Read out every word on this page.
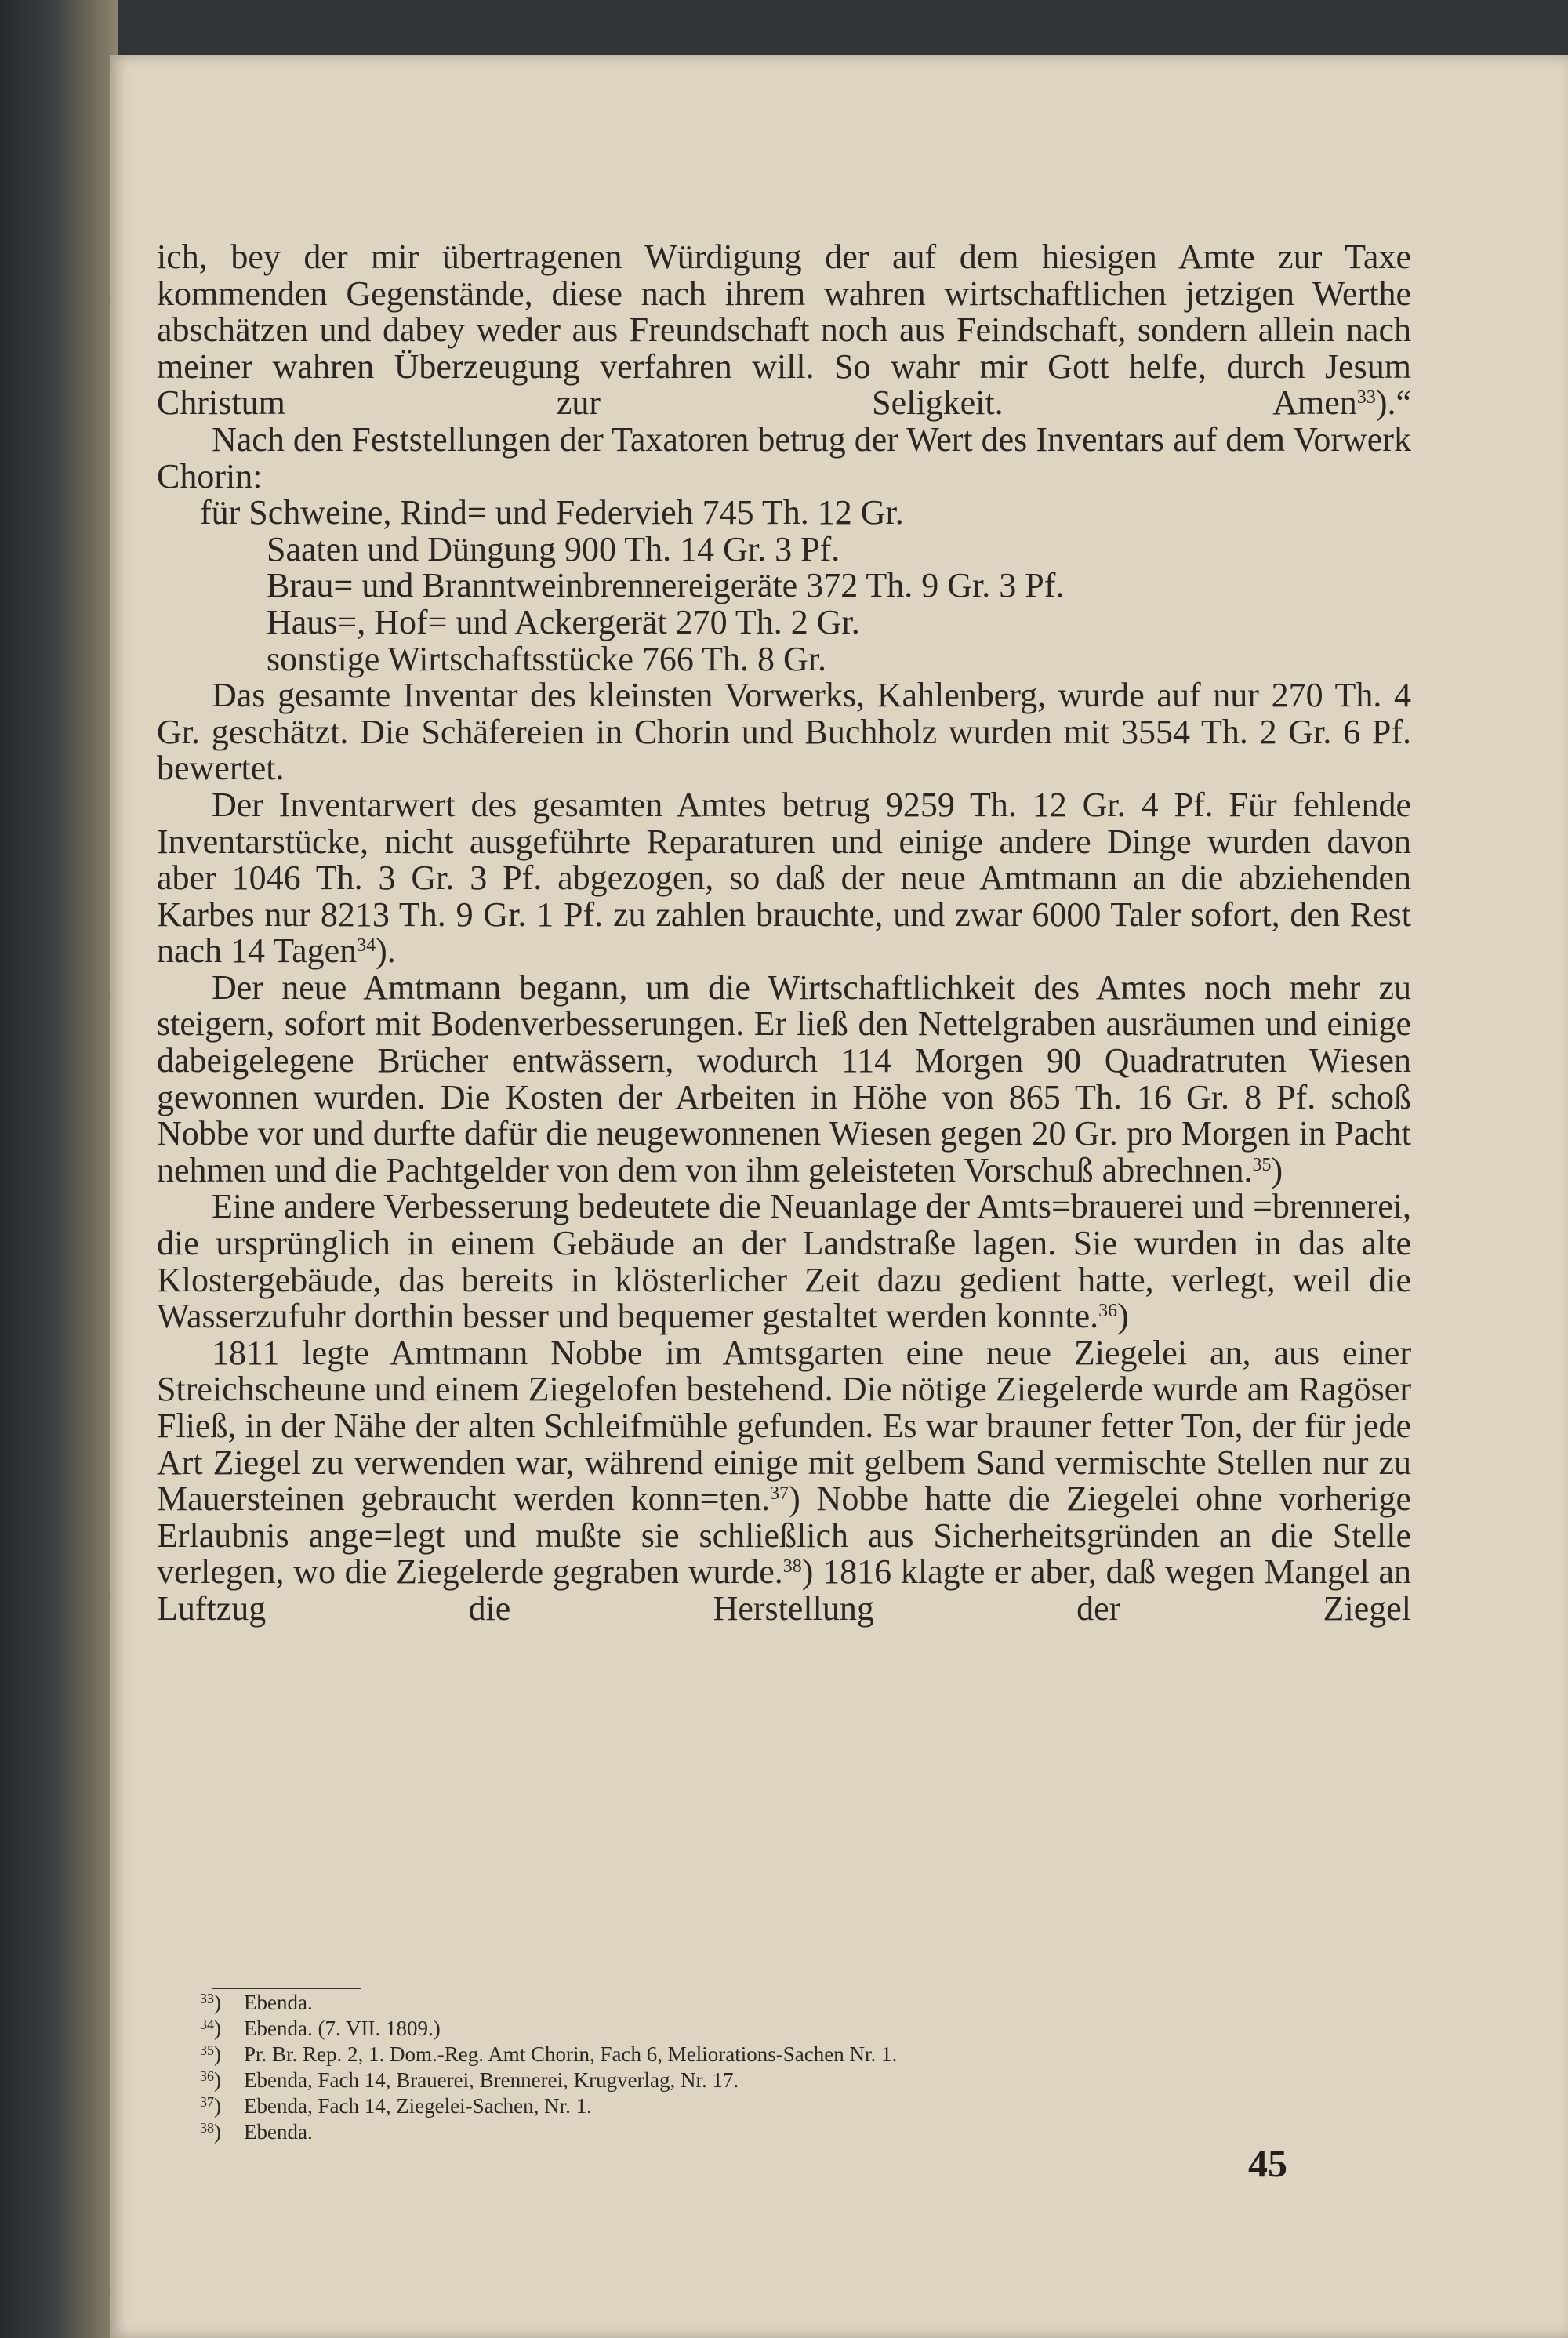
ich, bey der mir übertragenen Würdigung der auf dem hiesigen Amte zur Taxe kommenden Gegenstände, diese nach ihrem wahren wirtschaftlichen jetzigen Werthe abschätzen und dabey weder aus Freundschaft noch aus Feindschaft, sondern allein nach meiner wahren Überzeugung verfahren will. So wahr mir Gott helfe, durch Jesum Christum zur Seligkeit. Amen$^{33}$).“

Nach den Feststellungen der Taxatoren betrug der Wert des Inventars auf dem Vorwerk Chorin:

für Schweine, Rind= und Federvieh 745 Th. 12 Gr.

Saaten und Düngung 900 Th. 14 Gr. 3 Pf.

Brau= und Branntweinbrennereigeräte 372 Th. 9 Gr. 3 Pf.

Haus=, Hof= und Ackergerät 270 Th. 2 Gr.

sonstige Wirtschaftsstücke 766 Th. 8 Gr.

Das gesamte Inventar des kleinsten Vorwerks, Kahlenberg, wurde auf nur 270 Th. 4 Gr. geschätzt. Die Schäfereien in Chorin und Buchholz wurden mit 3554 Th. 2 Gr. 6 Pf. bewertet.

Der Inventarwert des gesamten Amtes betrug 9259 Th. 12 Gr. 4 Pf. Für fehlende Inventarstücke, nicht ausgeführte Reparaturen und einige andere Dinge wurden davon aber 1046 Th. 3 Gr. 3 Pf. abgezogen, so daß der neue Amtmann an die abziehenden Karbes nur 8213 Th. 9 Gr. 1 Pf. zu zahlen brauchte, und zwar 6000 Taler sofort, den Rest nach 14 Tagen$^{34}$).

Der neue Amtmann begann, um die Wirtschaftlichkeit des Amtes noch mehr zu steigern, sofort mit Bodenverbesserungen. Er ließ den Nettelgraben ausräumen und einige dabeigelegene Brücher entwässern, wodurch 114 Morgen 90 Quadratruten Wiesen gewonnen wurden. Die Kosten der Arbeiten in Höhe von 865 Th. 16 Gr. 8 Pf. schoß Nobbe vor und durfte dafür die neugewonnenen Wiesen gegen 20 Gr. pro Morgen in Pacht nehmen und die Pachtgelder von dem von ihm geleisteten Vorschuß abrechnen.$^{35}$)

Eine andere Verbesserung bedeutete die Neuanlage der Amts=brauerei und =brennerei, die ursprünglich in einem Gebäude an der Landstraße lagen. Sie wurden in das alte Klostergebäude, das bereits in klösterlicher Zeit dazu gedient hatte, verlegt, weil die Wasserzufuhr dorthin besser und bequemer gestaltet werden konnte.$^{36}$)

1811 legte Amtmann Nobbe im Amtsgarten eine neue Ziegelei an, aus einer Streichscheune und einem Ziegelofen bestehend. Die nötige Ziegelerde wurde am Ragöser Fließ, in der Nähe der alten Schleifmühle gefunden. Es war brauner fetter Ton, der für jede Art Ziegel zu verwenden war, während einige mit gelbem Sand vermischte Stellen nur zu Mauersteinen gebraucht werden konn=ten.$^{37}$) Nobbe hatte die Ziegelei ohne vorherige Erlaubnis ange=legt und mußte sie schließlich aus Sicherheitsgründen an die Stelle verlegen, wo die Ziegelerde gegraben wurde.$^{38}$) 1816 klagte er aber, daß wegen Mangel an Luftzug die Herstellung der Ziegel

$^{33}$)	Ebenda.
$^{34}$)	Ebenda. (7. VII. 1809.)
$^{35}$)	Pr. Br. Rep. 2, 1. Dom.-Reg. Amt Chorin, Fach 6, Meliorations-Sachen Nr. 1.
$^{36}$)	Ebenda, Fach 14, Brauerei, Brennerei, Krugverlag, Nr. 17.
$^{37}$)	Ebenda, Fach 14, Ziegelei-Sachen, Nr. 1.
$^{38}$)	Ebenda.
45
